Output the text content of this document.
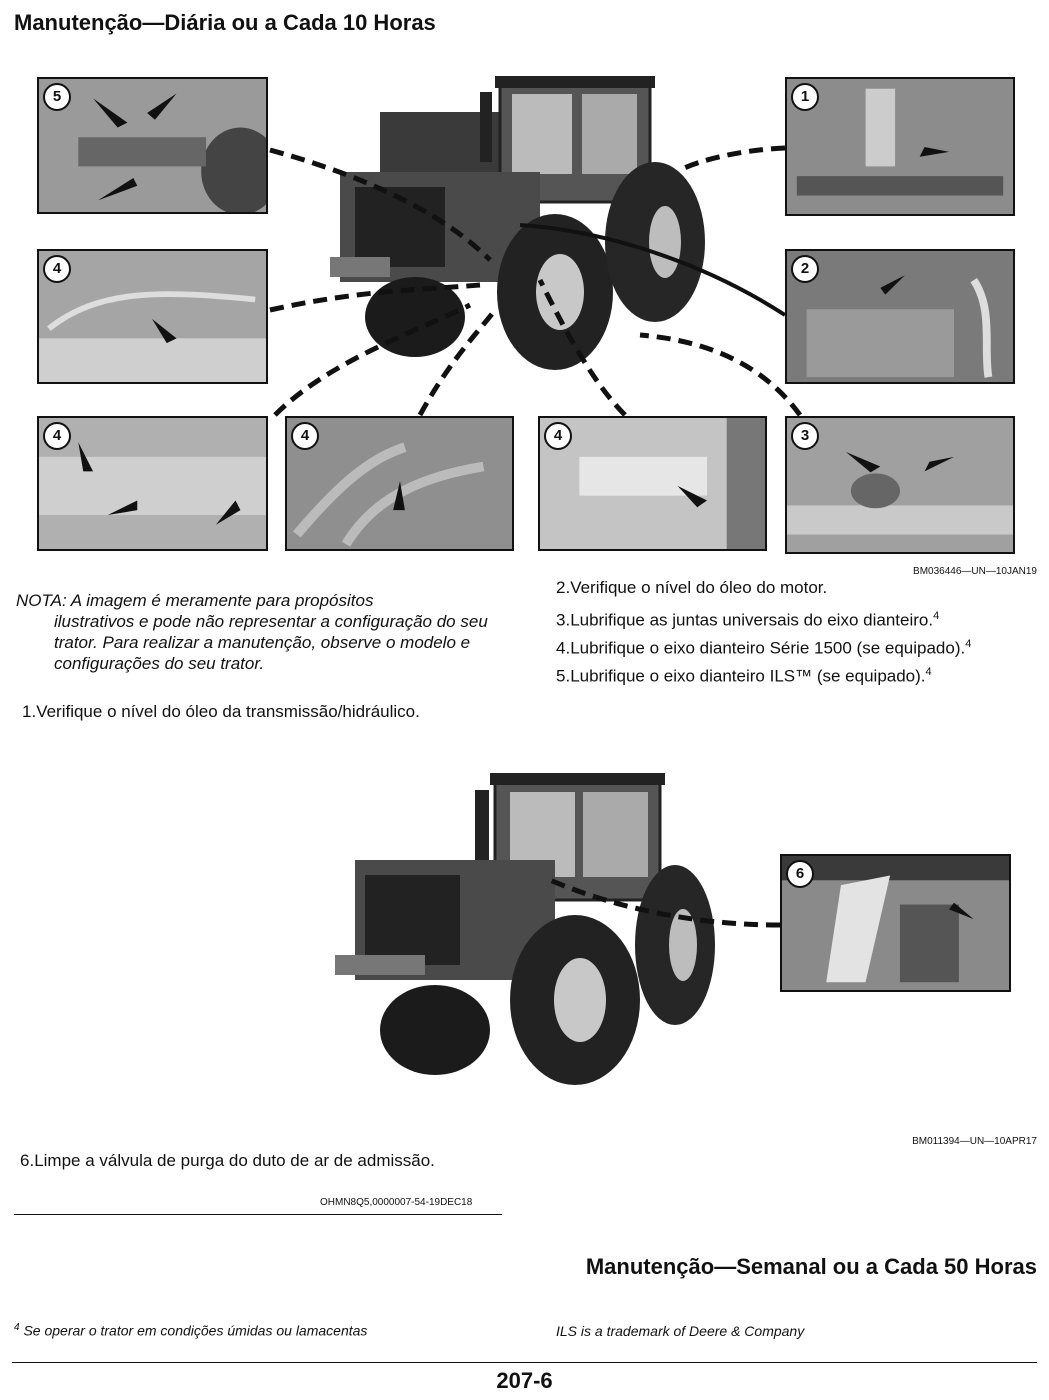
Manutenção—Diária ou a Cada 10 Horas
5
4
4	4	4
1
2
3
BM036446—UN—10JAN19
NOTA: A imagem é meramente para propósitos
ilustrativos e pode não representar a configuração do seu trator. Para realizar a manutenção, observe o modelo e configurações do seu trator.
1.Verifique o nível do óleo da transmissão/hidráulico.
2.Verifique o nível do óleo do motor.
3.Lubrifique as juntas universais do eixo dianteiro.$^4$
4.Lubrifique o eixo dianteiro Série 1500 (se equipado).$^4$
5.Lubrifique o eixo dianteiro ILS™ (se equipado).$^4$
6
BM011394—UN—10APR17
6.Limpe a válvula de purga do duto de ar de admissão.
OHMN8Q5,0000007-54-19DEC18
Manutenção—Semanal ou a Cada 50 Horas
$^4$ Se operar o trator em condições úmidas ou lamacentas	ILS is a trademark of Deere & Company
207-6
